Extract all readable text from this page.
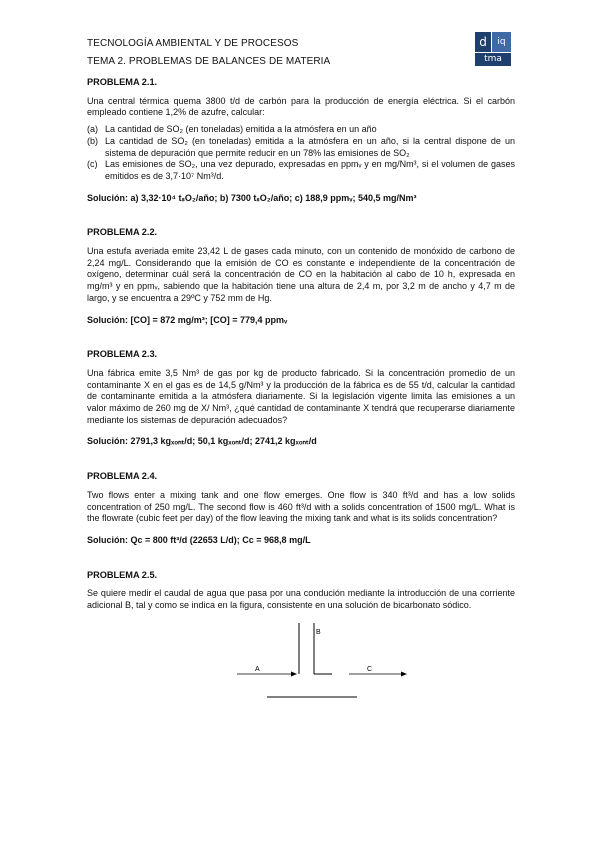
TECNOLOGÍA AMBIENTAL Y DE PROCESOS
TEMA 2. PROBLEMAS DE BALANCES DE MATERIA
d	iq
tma
PROBLEMA 2.1.

Una central térmica quema 3800 t/d de carbón para la producción de energía eléctrica. Si el carbón empleado contiene 1,2% de azufre, calcular:

(a) La cantidad de SO₂ (en toneladas) emitida a la atmósfera en un año
(b) La cantidad de SO₂ (en toneladas) emitida a la atmósfera en un año, si la central dispone de un sistema de depuración que permite reducir en un 78% las emisiones de SO₂
(c) Las emisiones de SO₂, una vez depurado, expresadas en ppmᵥ y en mg/Nm³, si el volumen de gases emitidos es de 3,7·10⁷ Nm³/d.

Solución: a) 3,32·10⁴ tₛO₂/año; b) 7300 tₛO₂/año; c) 188,9 ppmᵥ; 540,5 mg/Nm³

PROBLEMA 2.2.

Una estufa averiada emite 23,42 L de gases cada minuto, con un contenido de monóxido de carbono de 2,24 mg/L. Considerando que la emisión de CO es constante e independiente de la concentración de oxígeno, determinar cuál será la concentración de CO en la habitación al cabo de 10 h, expresada en mg/m³ y en ppmᵥ, sabiendo que la habitación tiene una altura de 2,4 m, por 3,2 m de ancho y 4,7 m de largo, y se encuentra a 29ºC y 752 mm de Hg.

Solución: [CO] = 872 mg/m³; [CO] = 779,4 ppmᵥ

PROBLEMA 2.3.

Una fábrica emite 3,5 Nm³ de gas por kg de producto fabricado. Si la concentración promedio de un contaminante X en el gas es de 14,5 g/Nm³ y la producción de la fábrica es de 55 t/d, calcular la cantidad de contaminante emitida a la atmósfera diariamente. Si la legislación vigente limita las emisiones a un valor máximo de 260 mg de X/ Nm³, ¿qué cantidad de contaminante X tendrá que recuperarse diariamente mediante los sistemas de depuración adecuados?

Solución: 2791,3 kgₓₒₙₜ/d; 50,1 kgₓₒₙₜ/d; 2741,2 kgₓₒₙₜ/d

PROBLEMA 2.4.

Two flows enter a mixing tank and one flow emerges. One flow is 340 ft³/d and has a low solids concentration of 250 mg/L. The second flow is 460 ft³/d with a solids concentration of 1500 mg/L. What is the flowrate (cubic feet per day) of the flow leaving the mixing tank and what is its solids concentration?

Solución: Qᴄ = 800 ft³/d (22653 L/d); Cᴄ = 968,8 mg/L

PROBLEMA 2.5.

Se quiere medir el caudal de agua que pasa por una condución mediante la introducción de una corriente adicional B, tal y como se indica en la figura, consistente en una solución de bicarbonato sódico.

A
B
C
